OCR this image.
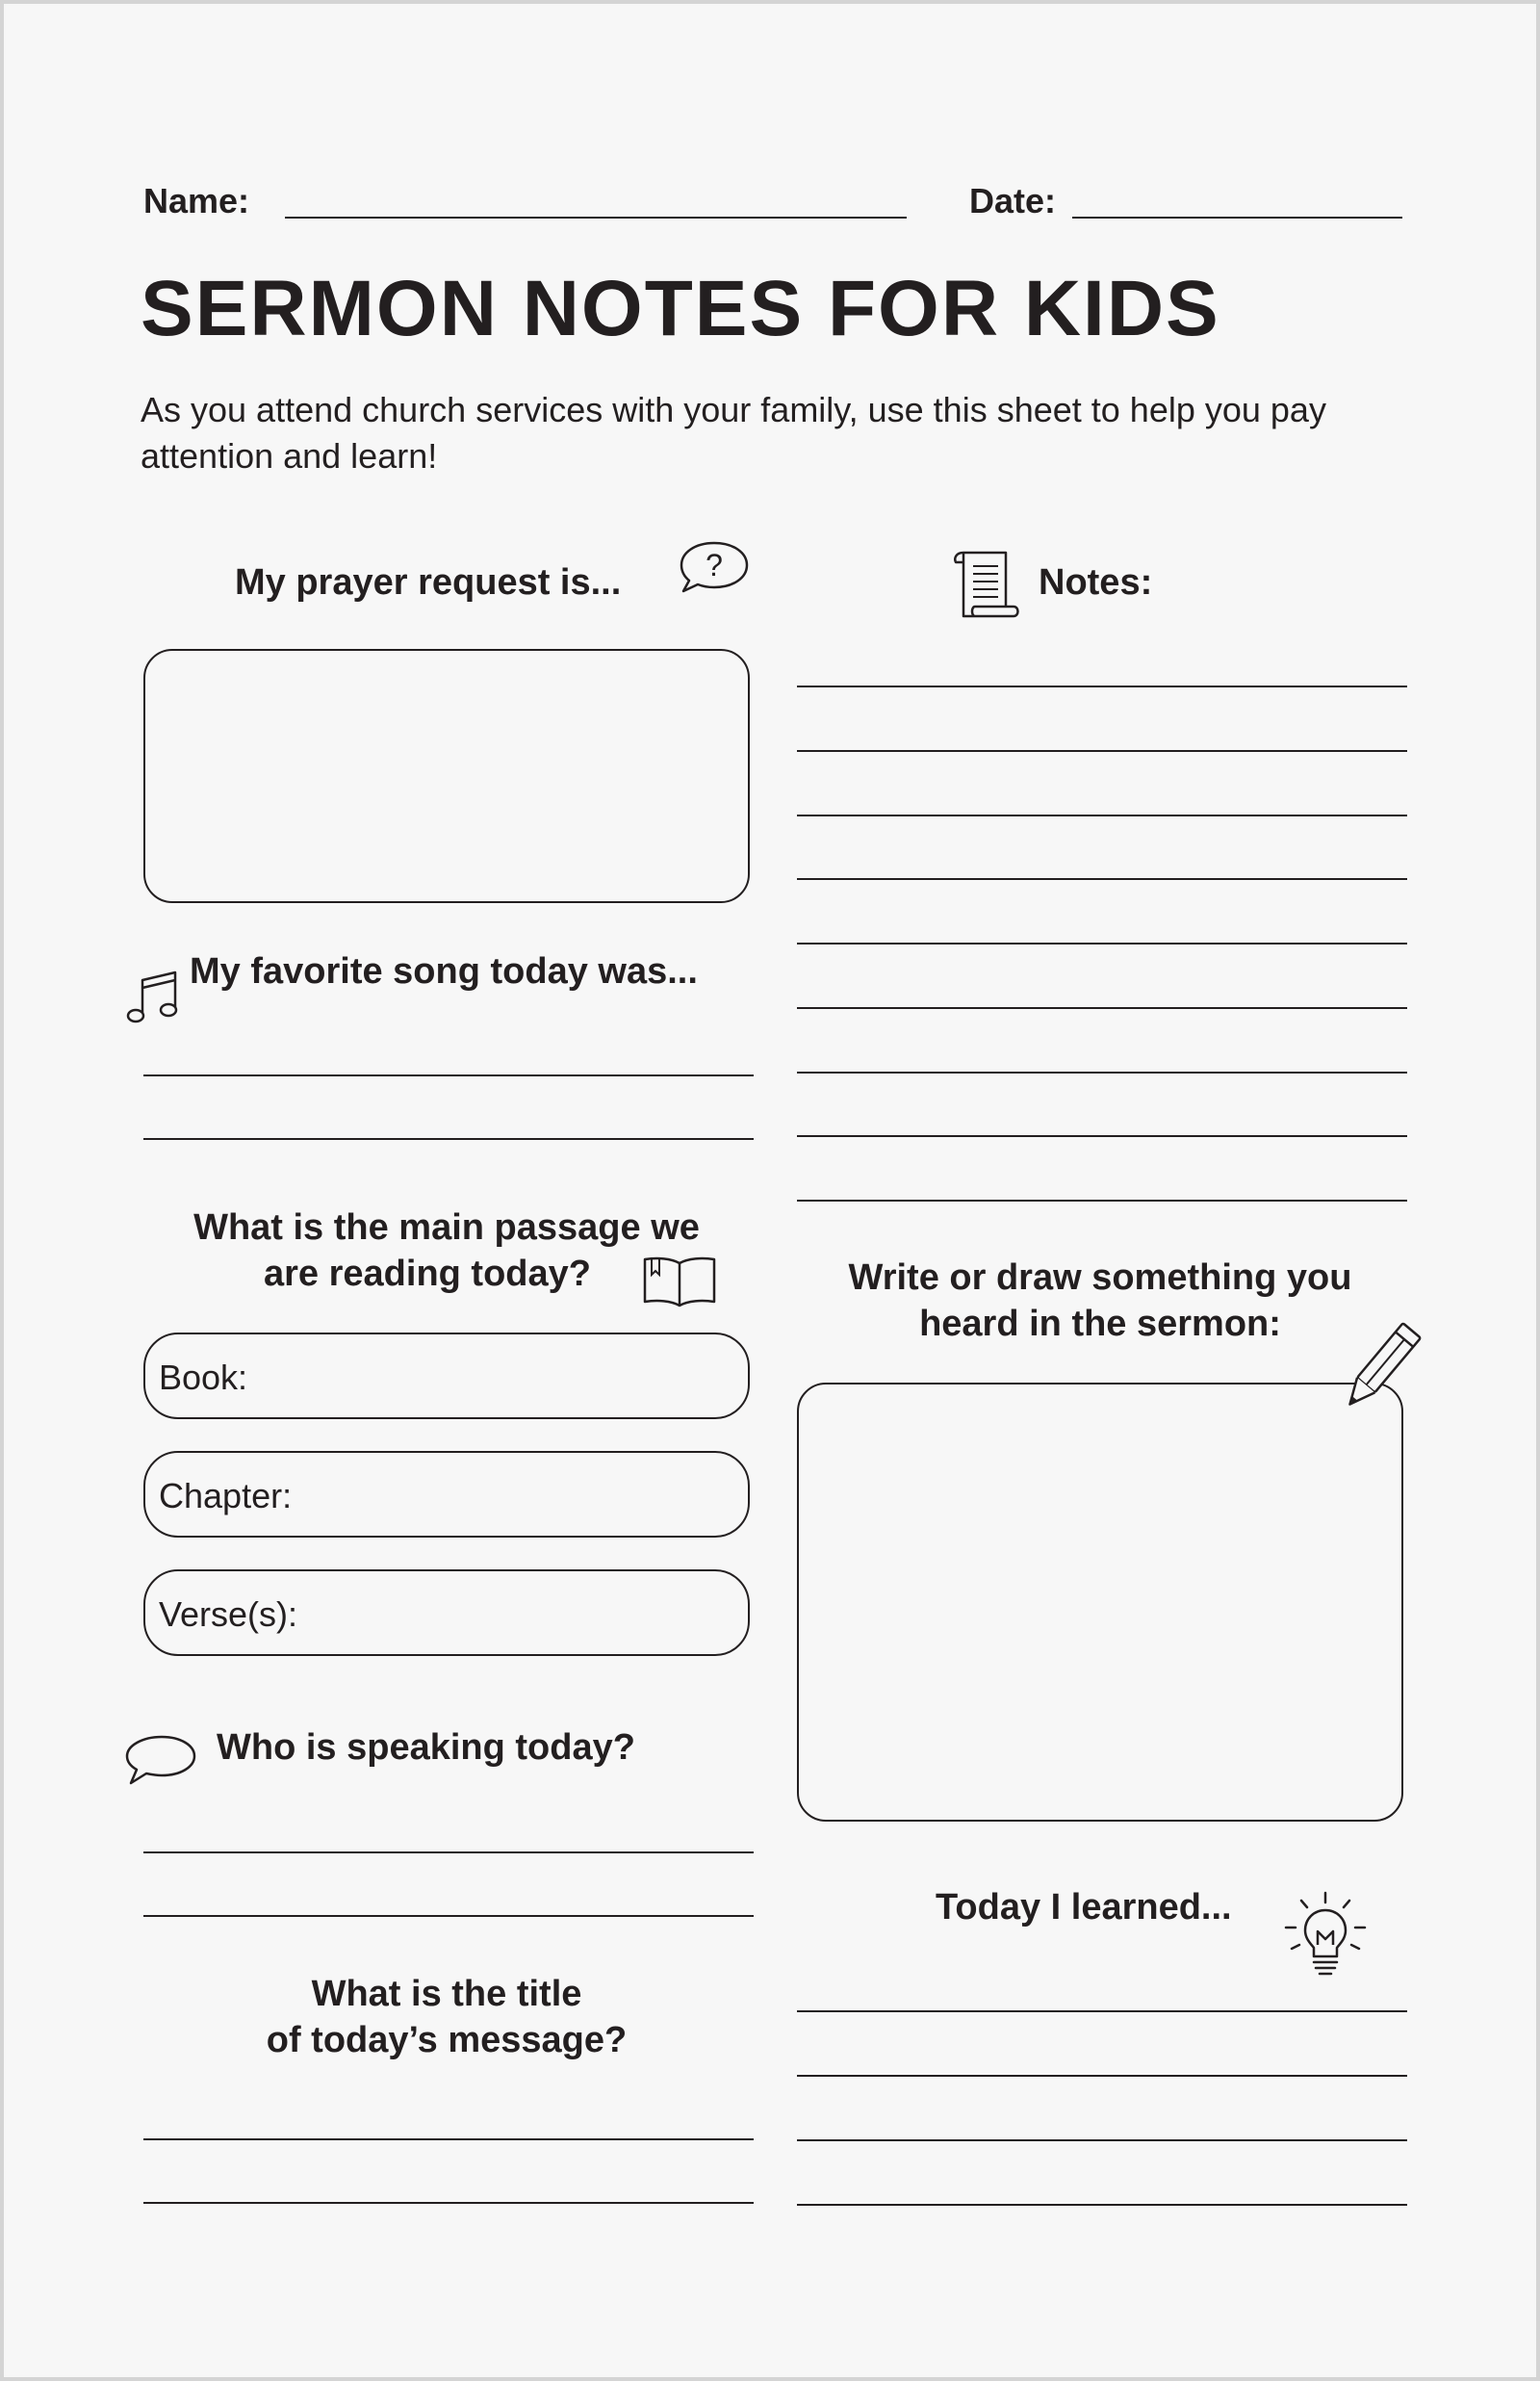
Name:	Date:
SERMON NOTES FOR KIDS
As you attend church services with your family, use this sheet to help you pay attention and learn!
My prayer request is...	?
My favorite song today was...
What is the main passage we
are reading today?
Book:
Chapter:
Verse(s):
Who is speaking today?
What is the title
of today’s message?
Notes:
Write or draw something you
heard in the sermon:
Today I learned...
